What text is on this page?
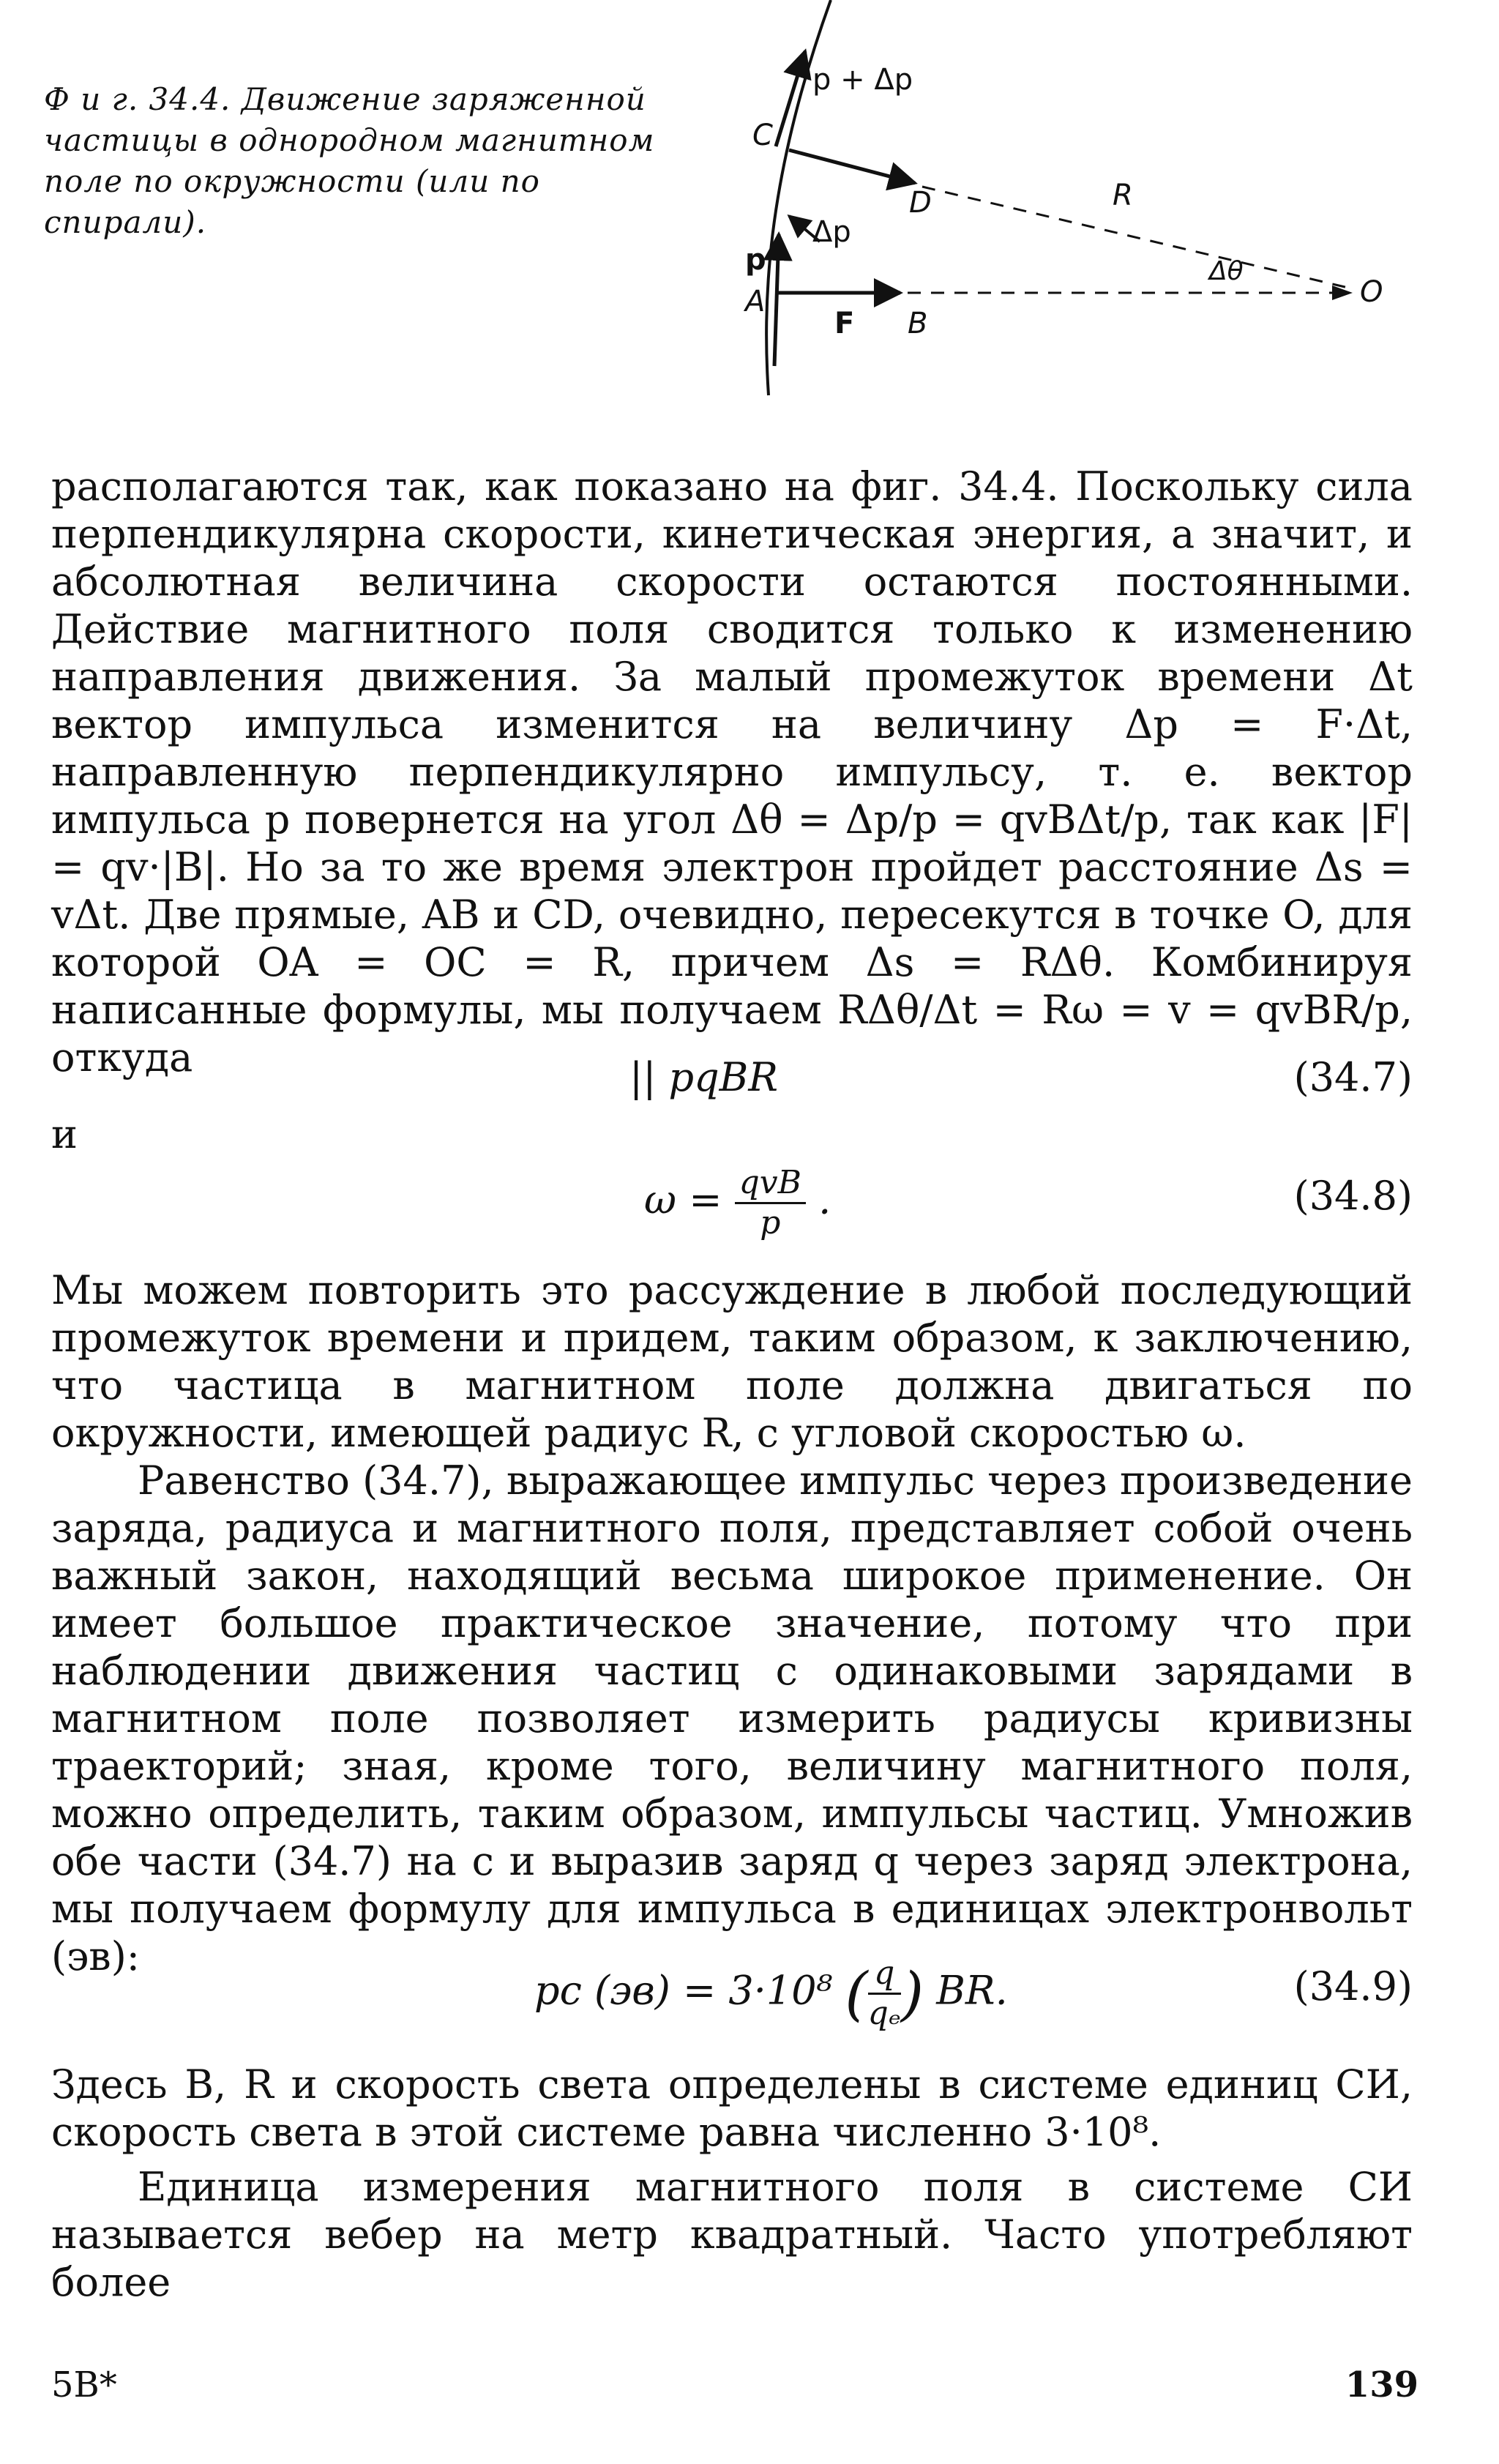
Ф и г. 34.4. Движение заряженной частицы в однородном магнитном поле по окружности (или по спирали).
p + Δp
C
D	R
Δp
p
A
Δθ
O
F B

располагаются так, как показано на фиг. 34.4. Поскольку сила перпендикулярна скорости, кинетическая энергия, а значит, и абсолютная величина скорости остаются постоянными. Действие магнитного поля сводится только к изменению направления движения. За малый промежуток времени Δt вектор импульса изменится на величину Δp = F·Δt, направленную перпендикулярно импульсу, т. е. вектор импульса p повернется на угол Δθ = Δp/p = qvBΔt/p, так как |F| = qv·|B|. Но за то же время электрон пройдет расстояние Δs = vΔt. Две прямые, AB и CD, очевидно, пересекутся в точке O, для которой OA = OC = R, причем Δs = RΔθ. Комбинируя написанные формулы, мы получаем RΔθ/Δt = Rω = v = qvBR/p, откуда	|| pqBR	(34.7)
и
$\omega = \frac{\text{qvB}}{p}$ .	(34.8)

Мы можем повторить это рассуждение в любой последующий промежуток времени и придем, таким образом, к заключению, что частица в магнитном поле должна двигаться по окружности, имеющей радиус R, с угловой скоростью ω.

Равенство (34.7), выражающее импульс через произведение заряда, радиуса и магнитного поля, представляет собой очень важный закон, находящий весьма широкое применение. Он имеет большое практическое значение, потому что при наблюдении движения частиц с одинаковыми зарядами в магнитном поле позволяет измерить радиусы кривизны траекторий; зная, кроме того, величину магнитного поля, можно определить, таким образом, импульсы частиц. Умножив обе части (34.7) на c и выразив заряд q через заряд электрона, мы получаем формулу для импульса в единицах электронвольт (эв):

pc (эв) = 3·10⁸ ( $\frac{q}{\text{qₑ}}$ ) BR.	(34.9)

Здесь B, R и скорость света определены в системе единиц СИ, скорость света в этой системе равна численно 3·10⁸.

Единица измерения магнитного поля в системе СИ называется вебер на метр квадратный. Часто употребляют более

5B*	139
